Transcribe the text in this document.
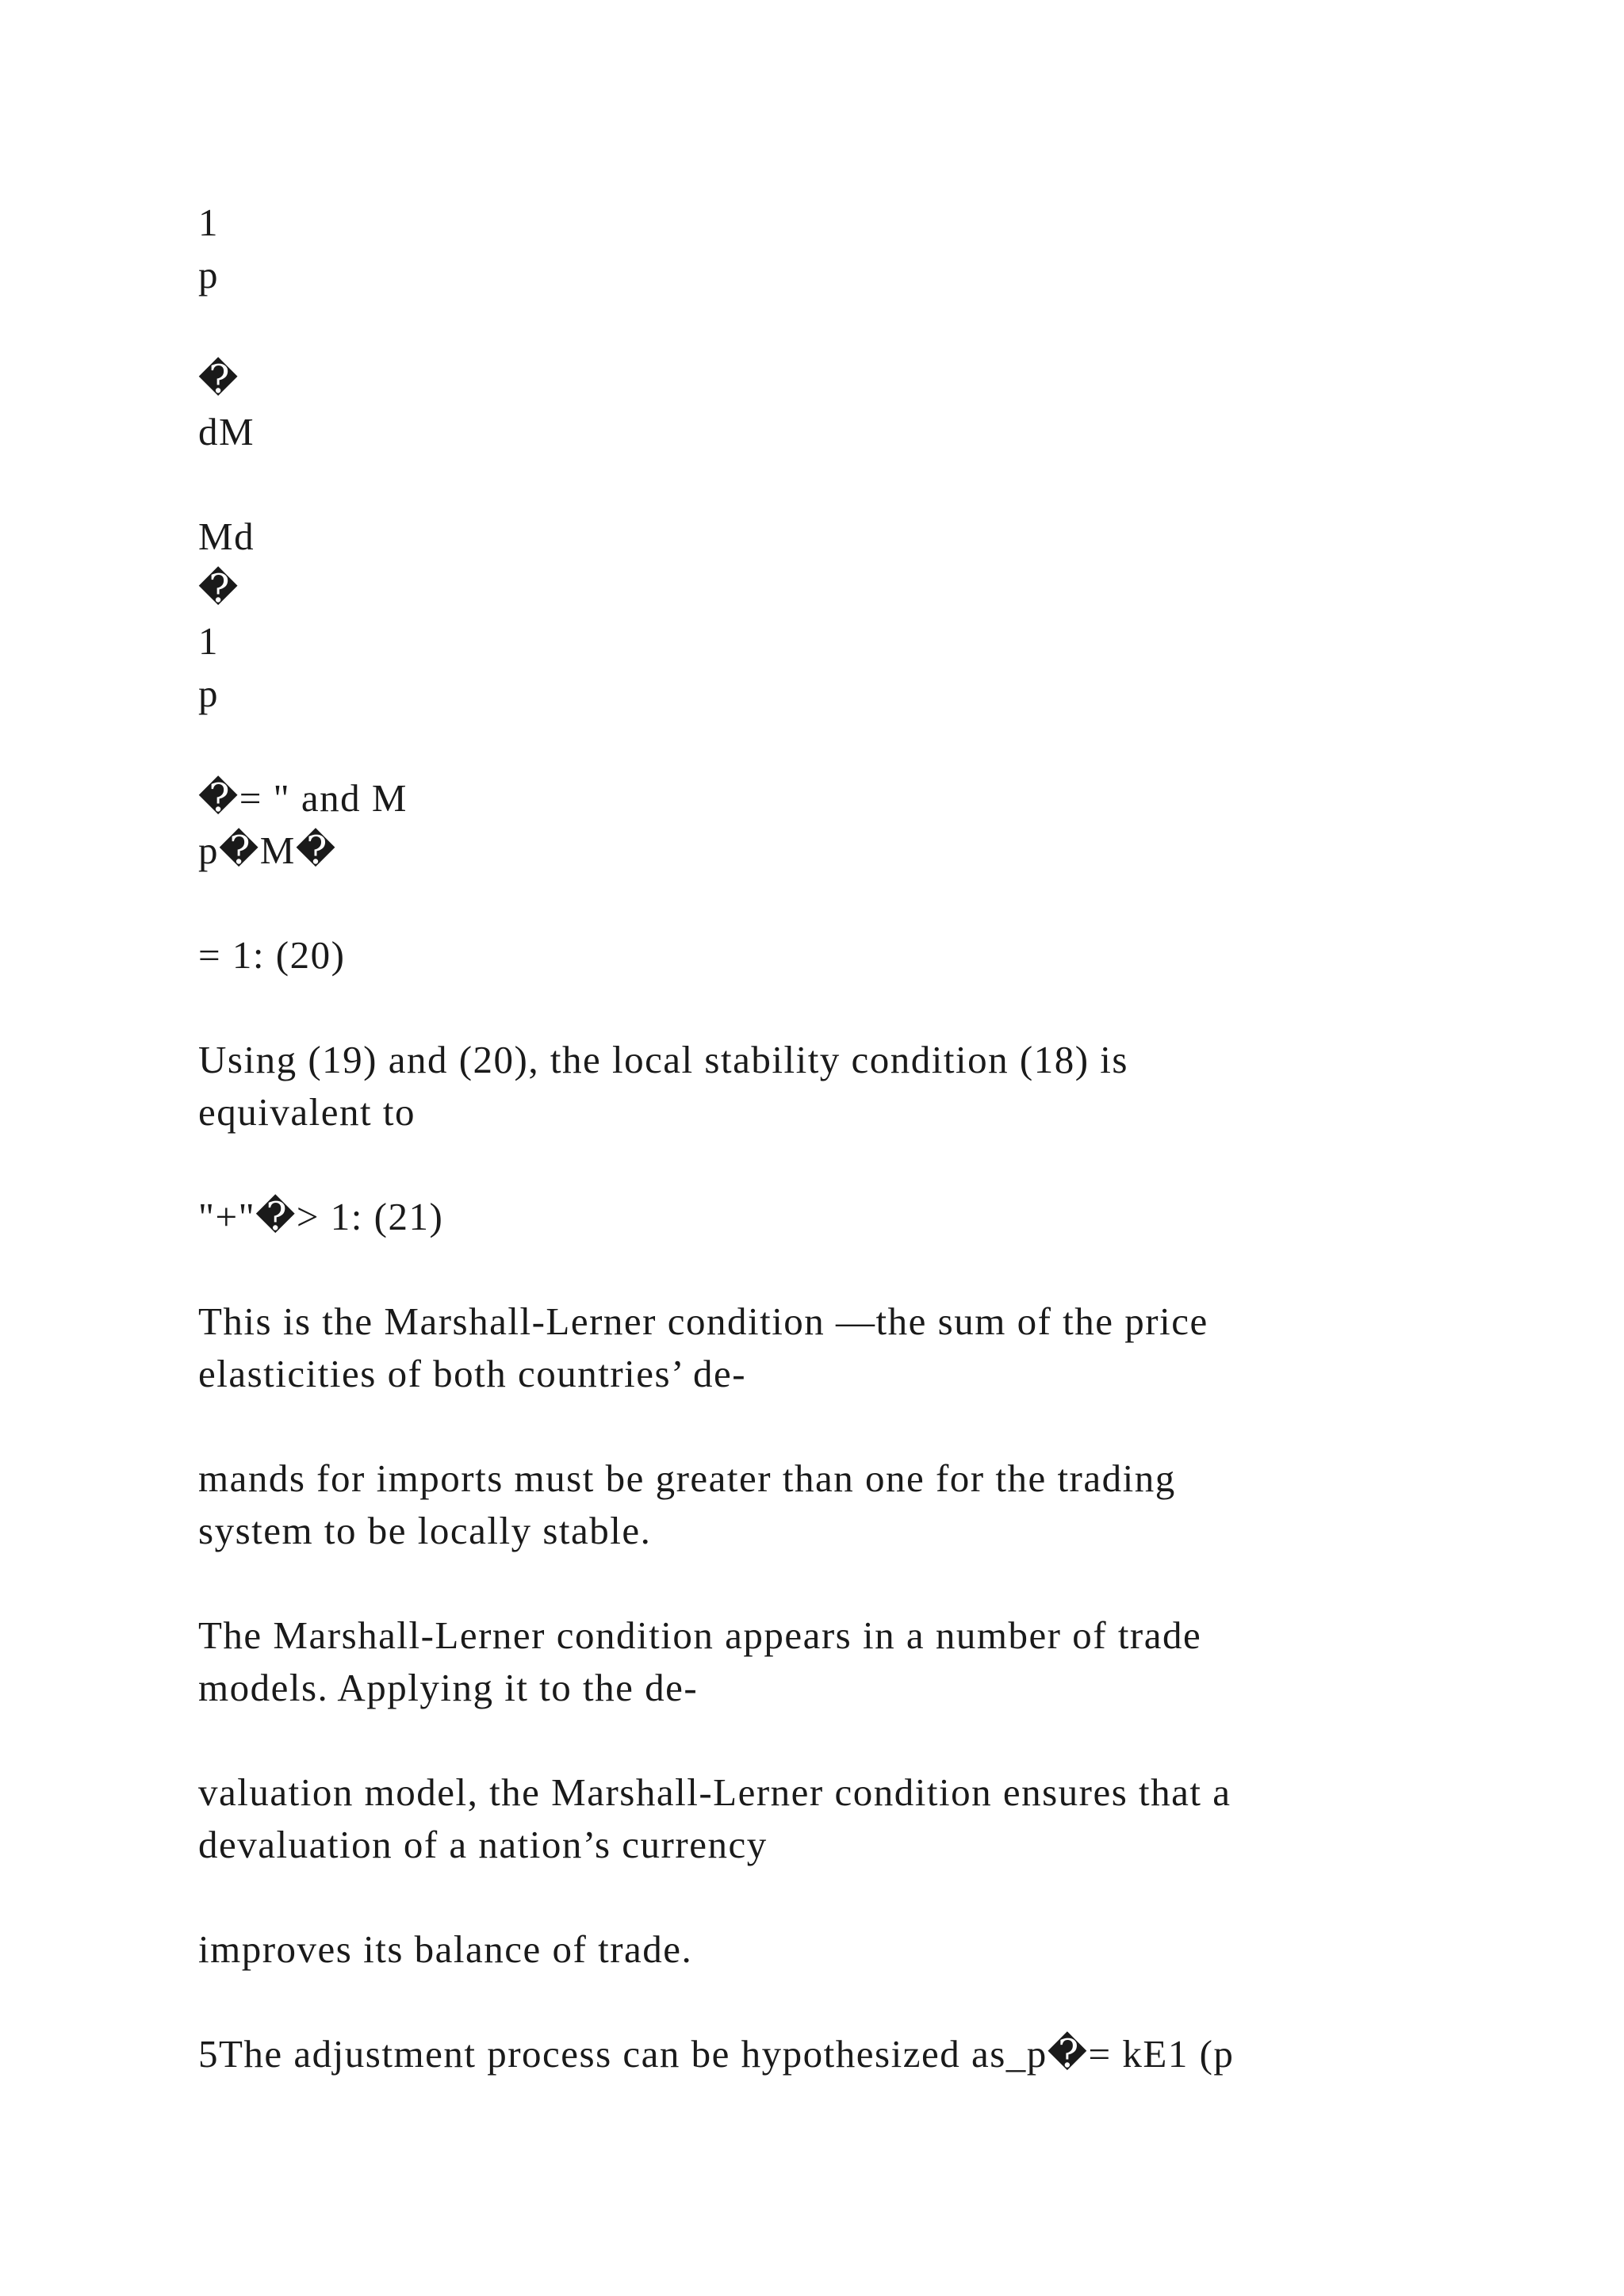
1

p

�

dM

Md

�

1

p

�= " and M

p�M�

= 1: (20)

Using (19) and (20), the local stability condition (18) is

equivalent to

"+"�> 1: (21)

This is the Marshall-Lerner condition —the sum of the price

elasticities of both countries’ de-

mands for imports must be greater than one for the trading

system to be locally stable.

The Marshall-Lerner condition appears in a number of trade

models. Applying it to the de-

valuation model, the Marshall-Lerner condition ensures that a

devaluation of a nation’s currency

improves its balance of trade.

5The adjustment process can be hypothesized as_p�= kE1 (p
